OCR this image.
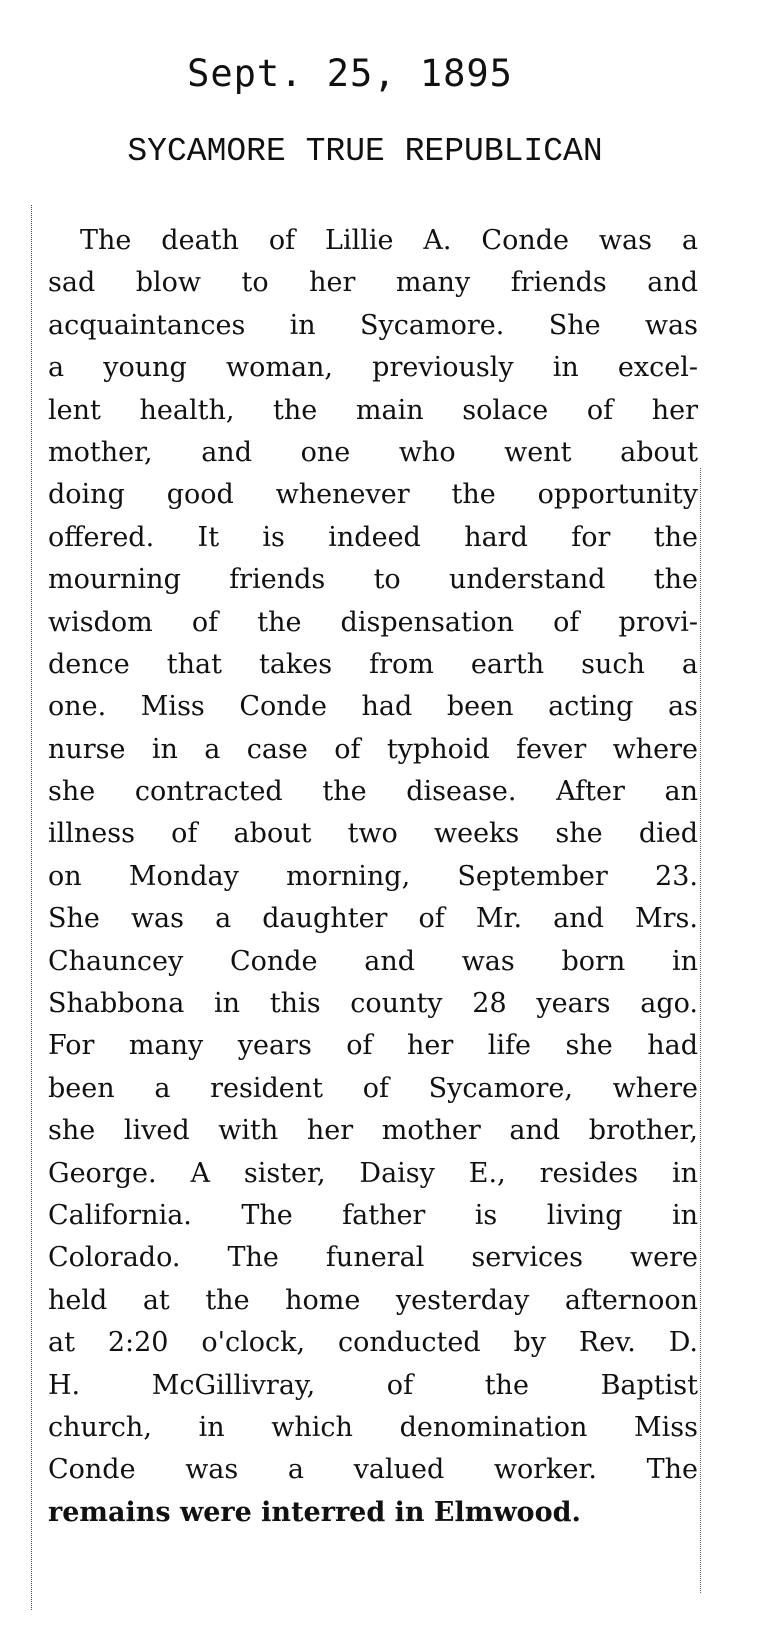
Sept. 25, 1895
SYCAMORE TRUE REPUBLICAN
The death of Lillie A. Conde was a
sad blow to her many friends and
acquaintances in Sycamore. She was
a young woman, previously in excel-
lent health, the main solace of her
mother, and one who went about
doing good whenever the opportunity
offered. It is indeed hard for the
mourning friends to understand the
wisdom of the dispensation of provi-
dence that takes from earth such a
one. Miss Conde had been acting as
nurse in a case of typhoid fever where
she contracted the disease. After an
illness of about two weeks she died
on Monday morning, September 23.
She was a daughter of Mr. and Mrs.
Chauncey Conde and was born in
Shabbona in this county 28 years ago.
For many years of her life she had
been a resident of Sycamore, where
she lived with her mother and brother,
George. A sister, Daisy E., resides in
California. The father is living in
Colorado. The funeral services were
held at the home yesterday afternoon
at 2:20 o'clock, conducted by Rev. D.
H. McGillivray, of the Baptist
church, in which denomination Miss
Conde was a valued worker. The
remains were interred in Elmwood.
